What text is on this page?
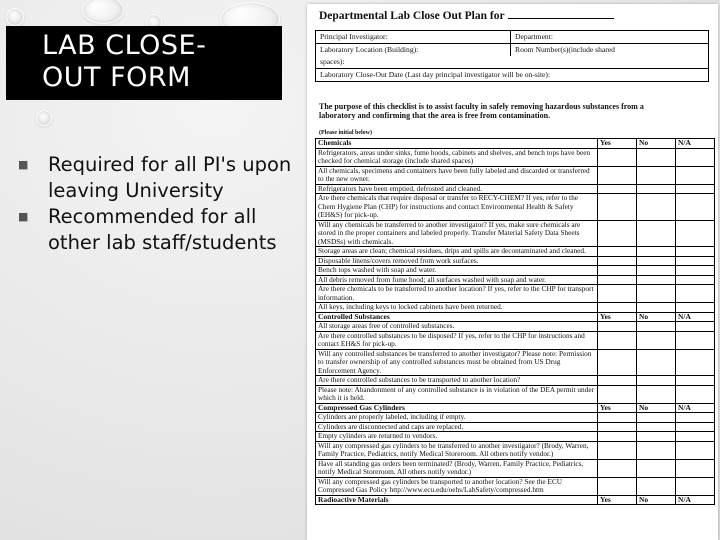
LAB CLOSE-
OUT FORM
■ Required for all PI's upon leaving University
■ Recommended for all other lab staff/students
Departmental Lab Close Out Plan for
Principal Investigator:	Department:
Laboratory Location (Building):	Room Number(s)(include shared
spaces):
Laboratory Close-Out Date (Last day principal investigator will be on-site):
The purpose of this checklist is to assist faculty in safely removing hazardous substances from a
laboratory and confirming that the area is free from contamination.
(Please initial below)
Chemicals	Yes	No	N/A
Refrigerators, areas under sinks, fume hoods, cabinets and shelves, and bench tops have been checked for chemical storage (include shared spaces)			
All chemicals, specimens and containers have been fully labeled and discarded or transferred to the new owner.			
Refrigerators have been emptied, defrosted and cleaned.			
Are there chemicals that require disposal or transfer to RECY-CHEM? If yes, refer to the Chem Hygiene Plan (CHP) for instructions and contact Environmental Health & Safety (EH&S) for pick-up.			
Will any chemicals be transferred to another investigator? If yes, make sure chemicals are stored in the proper containers and labeled properly. Transfer Material Safety Data Sheets (MSDSs) with chemicals.			
Storage areas are clean; chemical residues, drips and spills are decontaminated and cleaned.			
Disposable linens/covers removed from work surfaces.			
Bench tops washed with soap and water.			
All debris removed from fume hood; all surfaces washed with soap and water.			
Are there chemicals to be transferred to another location? If yes, refer to the CHP for transport information.			
All keys, including keys to locked cabinets have been returned.			
Controlled Substances	Yes	No	N/A
All storage areas free of controlled substances.			
Are there controlled substances to be disposed? If yes, refer to the CHP for instructions and contact EH&S for pick-up.			
Will any controlled substances be transferred to another investigator? Please note: Permission to transfer ownership of any controlled substances must be obtained from US Drug Enforcement Agency.			
Are there controlled substances to be transported to another location?			
Please note: Abandonment of any controlled substance is in violation of the DEA permit under which it is held.			
Compressed Gas Cylinders	Yes	No	N/A
Cylinders are properly labeled, including if empty.			
Cylinders are disconnected and caps are replaced.			
Empty cylinders are returned to vendors.			
Will any compressed gas cylinders to be transferred to another investigator? (Brody, Warren, Family Practice, Pediatrics, notify Medical Storeroom. All others notify vendor.)			
Have all standing gas orders been terminated? (Brody, Warren, Family Practice, Pediatrics, notify Medical Storeroom. All others notify vendor.)			
Will any compressed gas cylinders be transported to another location? See the ECU Compressed Gas Policy http://www.ecu.edu/oehs/LabSafety/compressed.htm			
Radioactive Materials	Yes	No	N/A
